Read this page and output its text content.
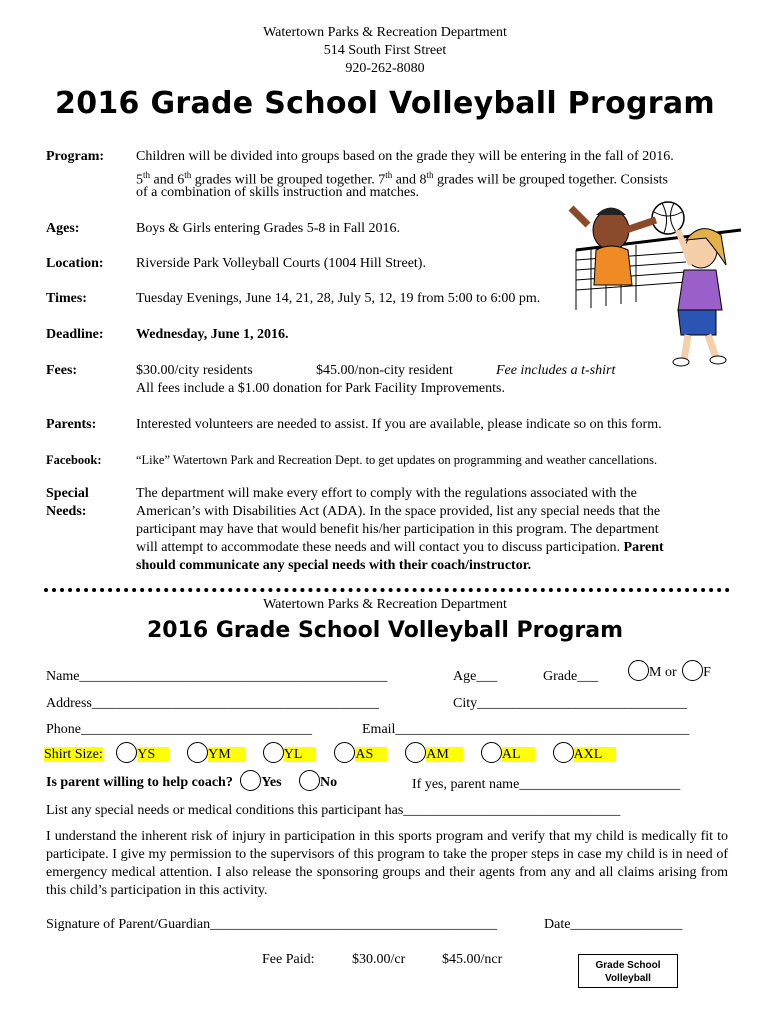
Watertown Parks & Recreation Department
514 South First Street
920-262-8080
2016 Grade School Volleyball Program
Program: Children will be divided into groups based on the grade they will be entering in the fall of 2016.
5th and 6th grades will be grouped together. 7th and 8th grades will be grouped together. Consists
of a combination of skills instruction and matches.
Ages:	Boys & Girls entering Grades 5-8 in Fall 2016.
Location: Riverside Park Volleyball Courts (1004 Hill Street).
Times:	Tuesday Evenings, June 14, 21, 28, July 5, 12, 19 from 5:00 to 6:00 pm.
Deadline: Wednesday, June 1, 2016.
Fees:	$30.00/city residents	$45.00/non-city resident	Fee includes a t-shirt
All fees include a $1.00 donation for Park Facility Improvements.
Parents:	Interested volunteers are needed to assist. If you are available, please indicate so on this form.
Facebook:	“Like” Watertown Park and Recreation Dept. to get updates on programming and weather cancellations.
Special
Needs:
The department will make every effort to comply with the regulations associated with the
American’s with Disabilities Act (ADA). In the space provided, list any special needs that the
participant may have that would benefit his/her participation in this program. The department
will attempt to accommodate these needs and will contact you to discuss participation. Parent
should communicate any special needs with their coach/instructor.
Watertown Parks & Recreation Department
2016 Grade School Volleyball Program
Name____________________________________________	Age___	Grade___	M or F
Address_________________________________________	City______________________________
Phone_________________________________	Email__________________________________________
Shirt Size: YS	YM	YL	AS	AM	AL	AXL
Is parent willing to help coach? Yes	No	If yes, parent name_______________________
List any special needs or medical conditions this participant has_______________________________
I understand the inherent risk of injury in participation in this sports program and verify that my child is medically fit to participate. I give my permission to the supervisors of this program to take the proper steps in case my child is in need of emergency medical attention. I also release the sponsoring groups and their agents from any and all claims arising from this child’s participation in this activity.
Signature of Parent/Guardian_________________________________________	Date________________
Fee Paid:	$30.00/cr	$45.00/ncr	Grade School
Volleyball
